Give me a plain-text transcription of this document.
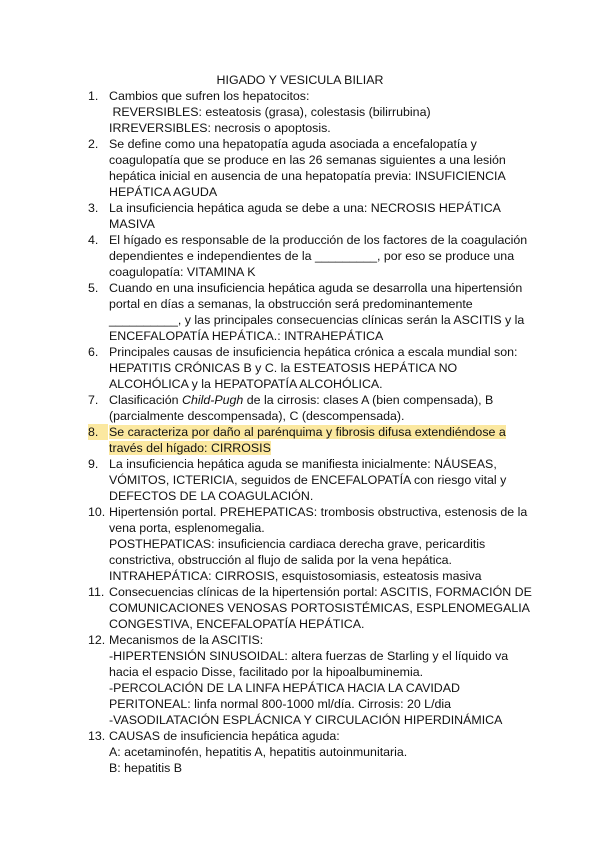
HIGADO Y VESICULA BILIAR
1. Cambios que sufren los hepatocitos:
REVERSIBLES: esteatosis (grasa), colestasis (bilirrubina)
IRREVERSIBLES: necrosis o apoptosis.
2. Se define como una hepatopatía aguda asociada a encefalopatía y
coagulopatía que se produce en las 26 semanas siguientes a una lesión
hepática inicial en ausencia de una hepatopatía previa: INSUFICIENCIA
HEPÁTICA AGUDA
3. La insuficiencia hepática aguda se debe a una: NECROSIS HEPÁTICA
MASIVA
4. El hígado es responsable de la producción de los factores de la coagulación
dependientes e independientes de la _________, por eso se produce una
coagulopatía: VITAMINA K
5. Cuando en una insuficiencia hepática aguda se desarrolla una hipertensión
portal en días a semanas, la obstrucción será predominantemente
__________, y las principales consecuencias clínicas serán la ASCITIS y la
ENCEFALOPATÍA HEPÁTICA.: INTRAHEPÁTICA
6. Principales causas de insuficiencia hepática crónica a escala mundial son:
HEPATITIS CRÓNICAS B y C. la ESTEATOSIS HEPÁTICA NO
ALCOHÓLICA y la HEPATOPATÍA ALCOHÓLICA.
7. Clasificación Child-Pugh de la cirrosis: clases A (bien compensada), B
(parcialmente descompensada), C (descompensada).
8. Se caracteriza por daño al parénquima y fibrosis difusa extendiéndose a
través del hígado: CIRROSIS
9. La insuficiencia hepática aguda se manifiesta inicialmente: NÁUSEAS,
VÓMITOS, ICTERICIA, seguidos de ENCEFALOPATÍA con riesgo vital y
DEFECTOS DE LA COAGULACIÓN.
10. Hipertensión portal. PREHEPATICAS: trombosis obstructiva, estenosis de la
vena porta, esplenomegalia.
POSTHEPATICAS: insuficiencia cardiaca derecha grave, pericarditis
constrictiva, obstrucción al flujo de salida por la vena hepática.
INTRAHEPÁTICA: CIRROSIS, esquistosomiasis, esteatosis masiva
11. Consecuencias clínicas de la hipertensión portal: ASCITIS, FORMACIÓN DE
COMUNICACIONES VENOSAS PORTOSISTÉMICAS, ESPLENOMEGALIA
CONGESTIVA, ENCEFALOPATÍA HEPÁTICA.
12. Mecanismos de la ASCITIS:
-HIPERTENSIÓN SINUSOIDAL: altera fuerzas de Starling y el líquido va
hacia el espacio Disse, facilitado por la hipoalbuminemia.
-PERCOLACIÓN DE LA LINFA HEPÁTICA HACIA LA CAVIDAD
PERITONEAL: linfa normal 800-1000 ml/día. Cirrosis: 20 L/dia
-VASODILATACIÓN ESPLÁCNICA Y CIRCULACIÓN HIPERDINÁMICA
13. CAUSAS de insuficiencia hepática aguda:
A: acetaminofén, hepatitis A, hepatitis autoinmunitaria.
B: hepatitis B
